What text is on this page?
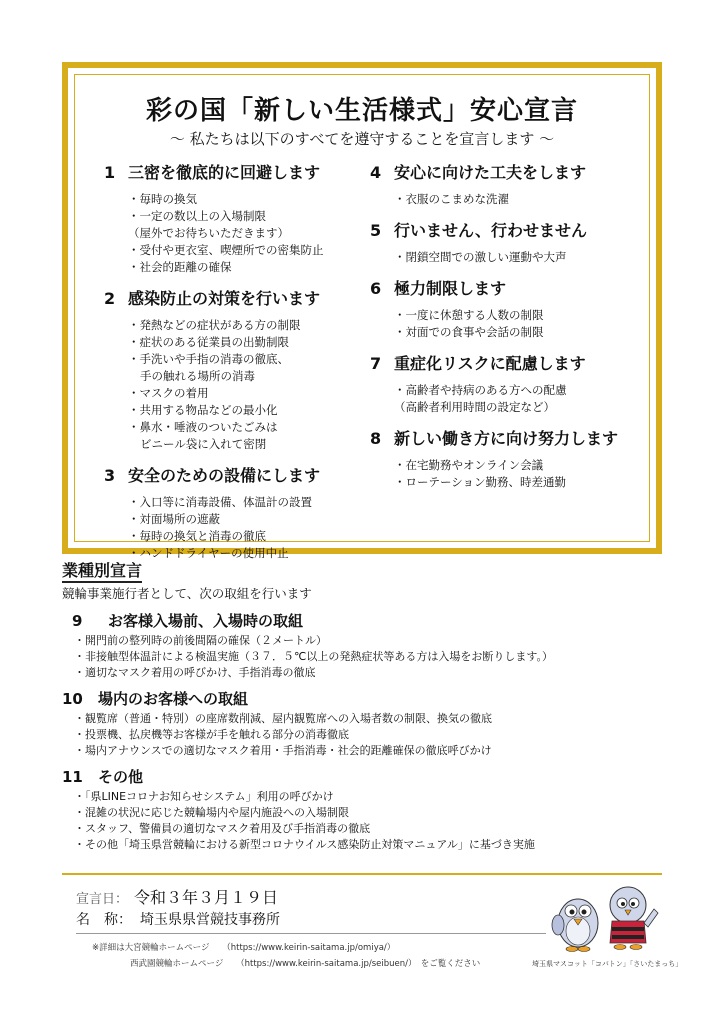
彩の国「新しい生活様式」安心宣言
～ 私たちは以下のすべてを遵守することを宣言します ～
1 三密を徹底的に回避します
・毎時の換気
・一定の数以上の入場制限
（屋外でお待ちいただきます）
・受付や更衣室、喫煙所での密集防止
・社会的距離の確保
2 感染防止の対策を行います
・発熱などの症状がある方の制限
・症状のある従業員の出勤制限
・手洗いや手指の消毒の徹底、
手の触れる場所の消毒
・マスクの着用
・共用する物品などの最小化
・鼻水・唾液のついたごみは
ビニール袋に入れて密閉
3 安全のための設備にします
・入口等に消毒設備、体温計の設置
・対面場所の遮蔽
・毎時の換気と消毒の徹底
・ハンドドライヤーの使用中止
4 安心に向けた工夫をします
・衣服のこまめな洗濯
5 行いません、行わせません
・閉鎖空間での激しい運動や大声
6 極力制限します
・一度に休憩する人数の制限
・対面での食事や会話の制限
7 重症化リスクに配慮します
・高齢者や持病のある方への配慮
（高齢者利用時間の設定など）
8 新しい働き方に向け努力します
・在宅勤務やオンライン会議
・ローテーション勤務、時差通勤
業種別宣言
競輪事業施行者として、次の取組を行います
9 お客様入場前、入場時の取組
・開門前の整列時の前後間隔の確保（２メートル）
・非接触型体温計による検温実施（３７．５℃以上の発熱症状等ある方は入場をお断りします。）
・適切なマスク着用の呼びかけ、手指消毒の徹底
10 場内のお客様への取組
・観覧席（普通・特別）の座席数削減、屋内観覧席への入場者数の制限、換気の徹底
・投票機、払戻機等お客様が手を触れる部分の消毒徹底
・場内アナウンスでの適切なマスク着用・手指消毒・社会的距離確保の徹底呼びかけ
11 その他
・「県LINEコロナお知らせシステム」利用の呼びかけ
・混雑の状況に応じた競輪場内や屋内施設への入場制限
・スタッフ、警備員の適切なマスク着用及び手指消毒の徹底
・その他「埼玉県営競輪における新型コロナウイルス感染防止対策マニュアル」に基づき実施
宣言日： 令和３年３月１９日
名　称： 埼玉県県営競技事務所
※詳細は大宮競輪ホームページ　　 （https://www.keirin-saitama.jp/omiya/）
西武園競輪ホームページ　　 （https://www.keirin-saitama.jp/seibuen/）　 をご覧ください	埼玉県マスコット「コバトン」「さいたまっち」
